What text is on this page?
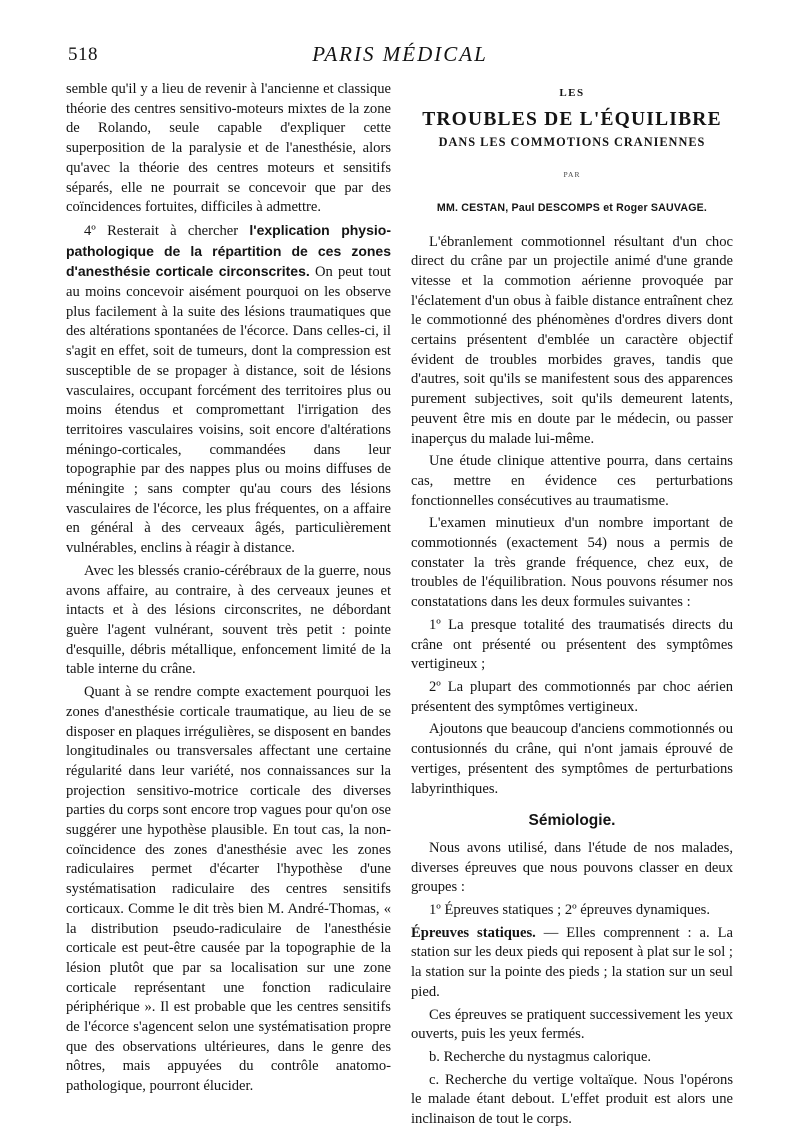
518	PARIS MÉDICAL

semble qu'il y a lieu de revenir à l'ancienne et classique théorie des centres sensitivo-moteurs mixtes de la zone de Rolando, seule capable d'expliquer cette superposition de la paralysie et de l'anesthésie, alors qu'avec la théorie des centres moteurs et sensitifs séparés, elle ne pourrait se concevoir que par des coïncidences fortuites, difficiles à admettre.

4º Resterait à chercher l'explication physio-pathologique de la répartition de ces zones d'anesthésie corticale circonscrites. On peut tout au moins concevoir aisément pourquoi on les observe plus facilement à la suite des lésions traumatiques que des altérations spontanées de l'écorce. Dans celles-ci, il s'agit en effet, soit de tumeurs, dont la compression est susceptible de se propager à distance, soit de lésions vasculaires, occupant forcément des territoires plus ou moins étendus et compromettant l'irrigation des territoires vasculaires voisins, soit encore d'altérations méningo-corticales, commandées dans leur topographie par des nappes plus ou moins diffuses de méningite ; sans compter qu'au cours des lésions vasculaires de l'écorce, les plus fréquentes, on a affaire en général à des cerveaux âgés, particulièrement vulnérables, enclins à réagir à distance.

Avec les blessés cranio-cérébraux de la guerre, nous avons affaire, au contraire, à des cerveaux jeunes et intacts et à des lésions circonscrites, ne débordant guère l'agent vulnérant, souvent très petit : pointe d'esquille, débris métallique, enfoncement limité de la table interne du crâne.

Quant à se rendre compte exactement pourquoi les zones d'anesthésie corticale traumatique, au lieu de se disposer en plaques irrégulières, se disposent en bandes longitudinales ou transversales affectant une certaine régularité dans leur variété, nos connaissances sur la projection sensitivo-motrice corticale des diverses parties du corps sont encore trop vagues pour qu'on ose suggérer une hypothèse plausible. En tout cas, la non-coïncidence des zones d'anesthésie avec les zones radiculaires permet d'écarter l'hypothèse d'une systématisation radiculaire des centres sensitifs corticaux. Comme le dit très bien M. André-Thomas, « la distribution pseudo-radiculaire de l'anesthésie corticale est peut-être causée par la topographie de la lésion plutôt que par sa localisation sur une zone corticale représentant une fonction radiculaire périphérique ». Il est probable que les centres sensitifs de l'écorce s'agencent selon une systématisation propre que des observations ultérieures, dans le genre des nôtres, mais appuyées du contrôle anatomo-pathologique, pourront élucider.

LES
TROUBLES DE L'ÉQUILIBRE
DANS LES COMMOTIONS CRANIENNES
PAR
MM. CESTAN, Paul DESCOMPS et Roger SAUVAGE.

L'ébranlement commotionnel résultant d'un choc direct du crâne par un projectile animé d'une grande vitesse et la commotion aérienne provoquée par l'éclatement d'un obus à faible distance entraînent chez le commotionné des phénomènes d'ordres divers dont certains présentent d'emblée un caractère objectif évident de troubles morbides graves, tandis que d'autres, soit qu'ils se manifestent sous des apparences purement subjectives, soit qu'ils demeurent latents, peuvent être mis en doute par le médecin, ou passer inaperçus du malade lui-même.

Une étude clinique attentive pourra, dans certains cas, mettre en évidence ces perturbations fonctionnelles consécutives au traumatisme.

L'examen minutieux d'un nombre important de commotionnés (exactement 54) nous a permis de constater la très grande fréquence, chez eux, de troubles de l'équilibration. Nous pouvons résumer nos constatations dans les deux formules suivantes :

1º La presque totalité des traumatisés directs du crâne ont présenté ou présentent des symptômes vertigineux ;

2º La plupart des commotionnés par choc aérien présentent des symptômes vertigineux.

Ajoutons que beaucoup d'anciens commotionnés ou contusionnés du crâne, qui n'ont jamais éprouvé de vertiges, présentent des symptômes de perturbations labyrinthiques.

Sémiologie.

Nous avons utilisé, dans l'étude de nos malades, diverses épreuves que nous pouvons classer en deux groupes :

1º Épreuves statiques ; 2º épreuves dynamiques.

Épreuves statiques. — Elles comprennent : a. La station sur les deux pieds qui reposent à plat sur le sol ; la station sur la pointe des pieds ; la station sur un seul pied.

Ces épreuves se pratiquent successivement les yeux ouverts, puis les yeux fermés.

b. Recherche du nystagmus calorique.

c. Recherche du vertige voltaïque. Nous l'opérons le malade étant debout. L'effet produit est alors une inclinaison de tout le corps.
